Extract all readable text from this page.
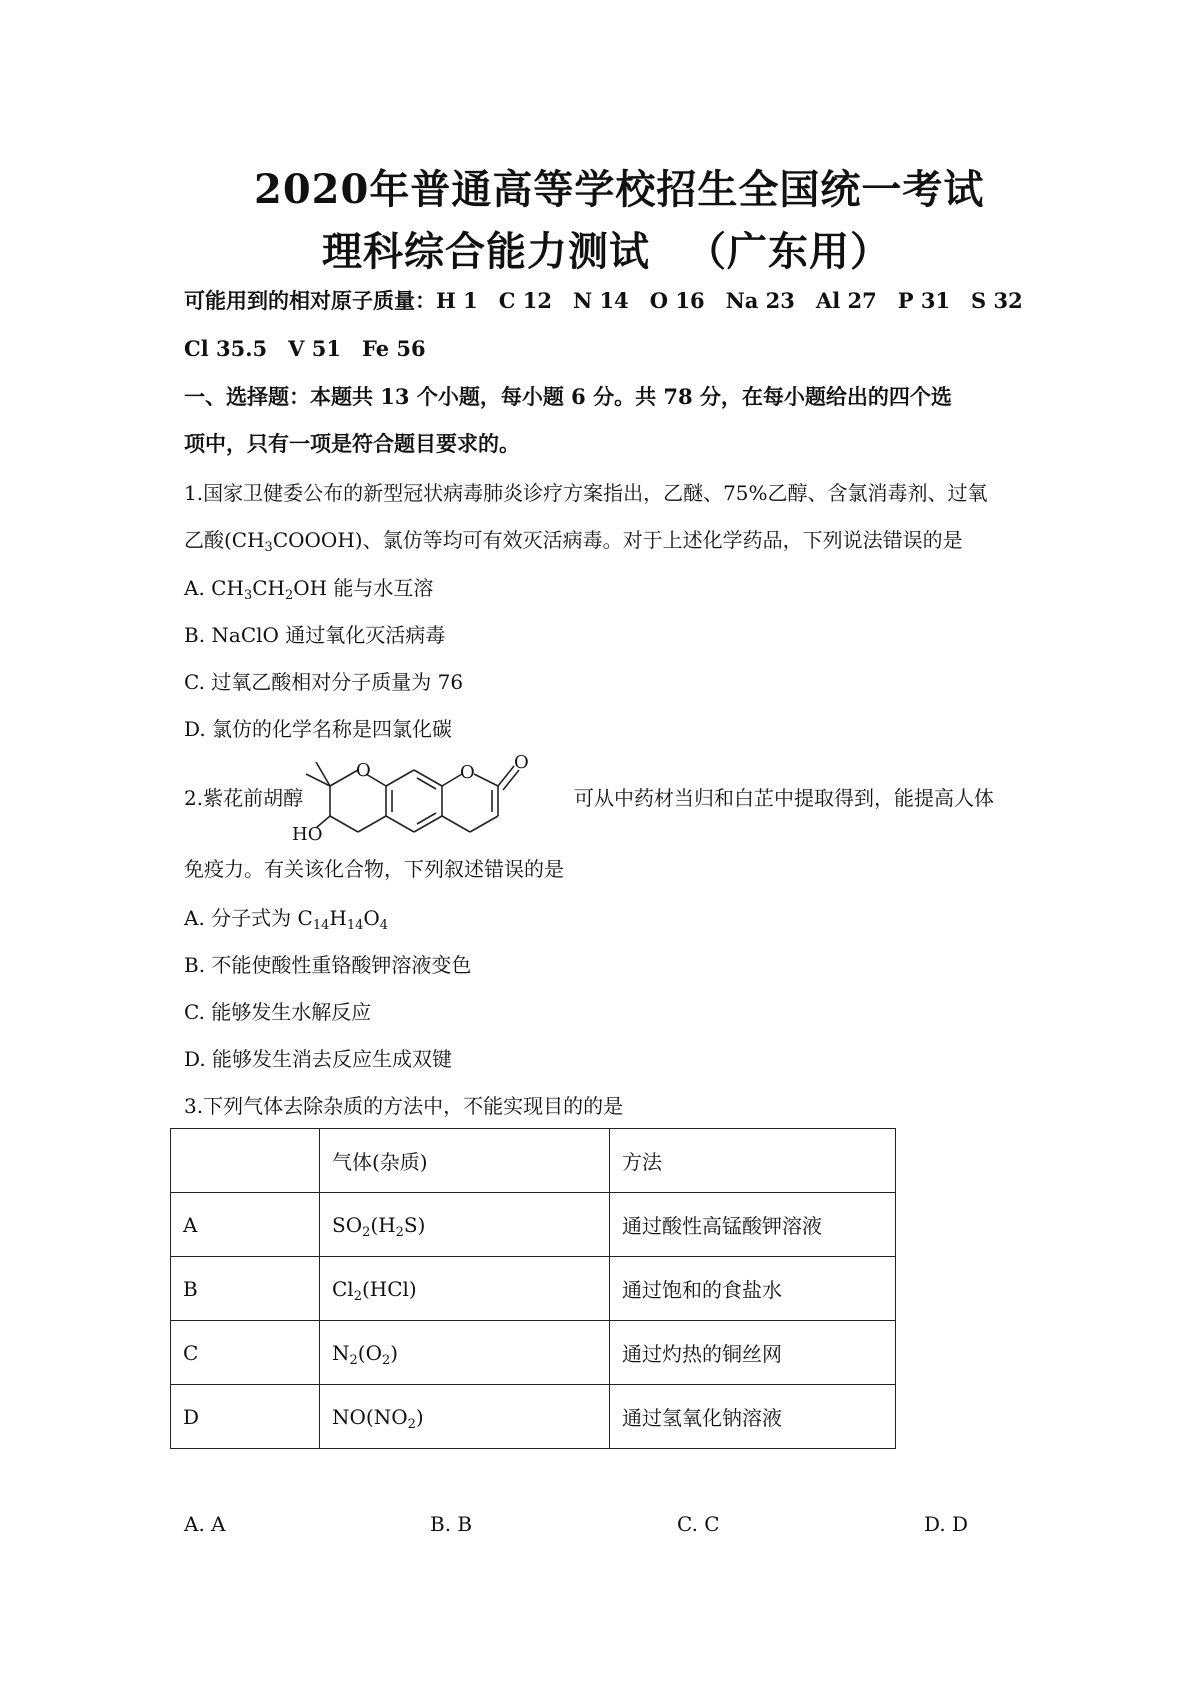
2020年普通高等学校招生全国统一考试
理科综合能力测试 （广东用）
可能用到的相对原子质量：H 1　C 12　N 14　O 16　Na 23　Al 27　P 31　S 32
Cl 35.5　V 51　Fe 56
一、选择题：本题共 13 个小题，每小题 6 分。共 78 分，在每小题给出的四个选
项中，只有一项是符合题目要求的。
1.国家卫健委公布的新型冠状病毒肺炎诊疗方案指出，乙醚、75%乙醇、含氯消毒剂、过氧
乙酸$(CH_3COOOH)$、氯仿等均可有效灭活病毒。对于上述化学药品，下列说法错误的是
A. $CH_3CH_2OH$ 能与水互溶
B. NaClO 通过氧化灭活病毒
C. 过氧乙酸相对分子质量为 76
D. 氯仿的化学名称是四氯化碳
2.紫花前胡醇
O	O O
HO
可从中药材当归和白芷中提取得到，能提高人体
免疫力。有关该化合物，下列叙述错误的是
A. 分子式为 $C_{14}H_{14}O_4$
B. 不能使酸性重铬酸钾溶液变色
C. 能够发生水解反应
D. 能够发生消去反应生成双键
3.下列气体去除杂质的方法中，不能实现目的的是
	气体(杂质)	方法
A	$SO_2(H_2S)$	通过酸性高锰酸钾溶液
B	$Cl_2(HCl)$	通过饱和的食盐水
C	$N_2(O_2)$	通过灼热的铜丝网
D	$NO(NO_2)$	通过氢氧化钠溶液
A. A	B. B	C. C	D. D
